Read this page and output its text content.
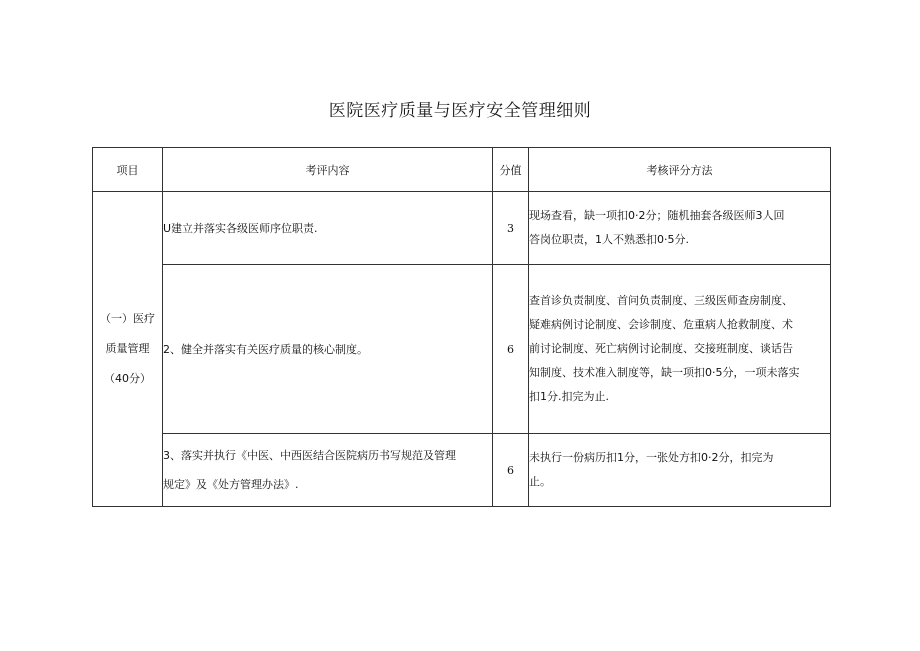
医院医疗质量与医疗安全管理细则
项目	考评内容	分值	考核评分方法

（一）医疗
质量管理
（40分）	U建立并落实各级医师序位职责.	3	现场查看，缺一项扣0·2分；随机抽套各级医师3人回
答岗位职责，1人不熟悉扣0·5分.

	2、健全并落实有关医疗质量的核心制度。	6	查首诊负责制度、首问负责制度、三级医师查房制度、
疑难病例讨论制度、会诊制度、危重病人抢救制度、术
前讨论制度、死亡病例讨论制度、交接班制度、谈话告
知制度、技术准入制度等，缺一项扣0·5分，一项未落实
扣1分.扣完为止.

	3、落实并执行《中医、中西医结合医院病历书写规范及管理
规定》及《处方管理办法》.	6	未执行一份病历扣1分，一张处方扣0·2分，扣完为
止。
